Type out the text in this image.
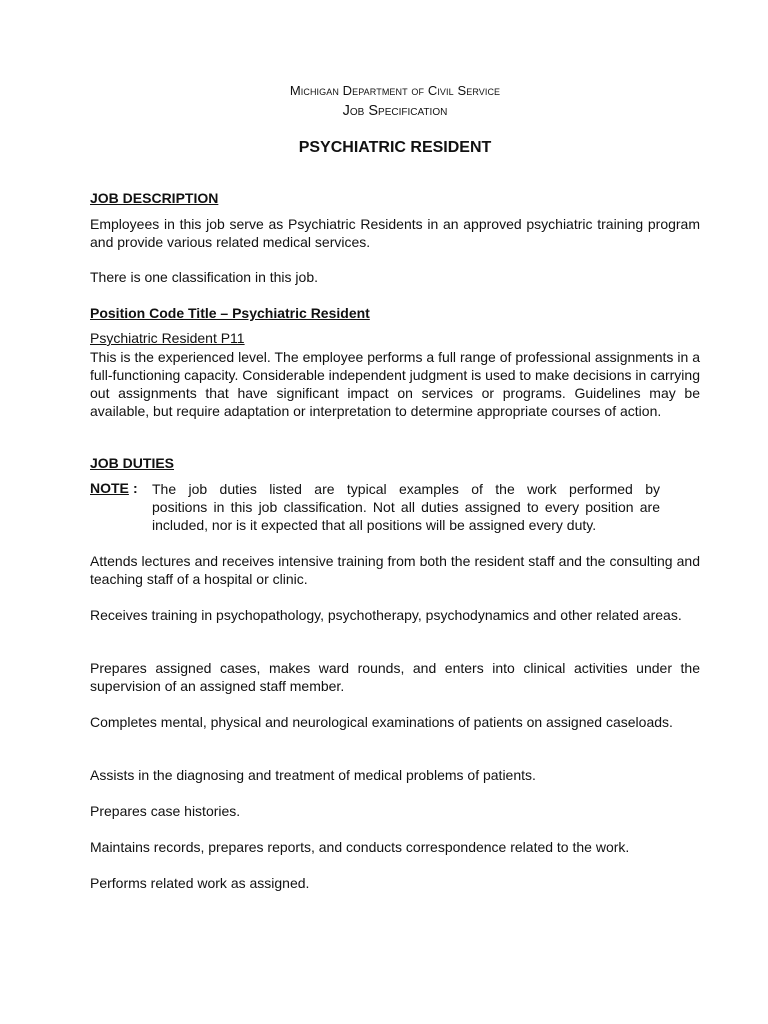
Michigan Department of Civil Service
Job Specification
PSYCHIATRIC RESIDENT
JOB DESCRIPTION
Employees in this job serve as Psychiatric Residents in an approved psychiatric training program and provide various related medical services.
There is one classification in this job.
Position Code Title – Psychiatric Resident
Psychiatric Resident P11
This is the experienced level. The employee performs a full range of professional assignments in a full-functioning capacity. Considerable independent judgment is used to make decisions in carrying out assignments that have significant impact on services or programs. Guidelines may be available, but require adaptation or interpretation to determine appropriate courses of action.
JOB DUTIES
NOTE : The job duties listed are typical examples of the work performed by
positions in this job classification. Not all duties assigned to every position are included, nor is it expected that all positions will be assigned every duty.
Attends lectures and receives intensive training from both the resident staff and the consulting and teaching staff of a hospital or clinic.
Receives training in psychopathology, psychotherapy, psychodynamics and other related areas.
Prepares assigned cases, makes ward rounds, and enters into clinical activities under the supervision of an assigned staff member.
Completes mental, physical and neurological examinations of patients on assigned caseloads.
Assists in the diagnosing and treatment of medical problems of patients.
Prepares case histories.
Maintains records, prepares reports, and conducts correspondence related to the work.
Performs related work as assigned.
